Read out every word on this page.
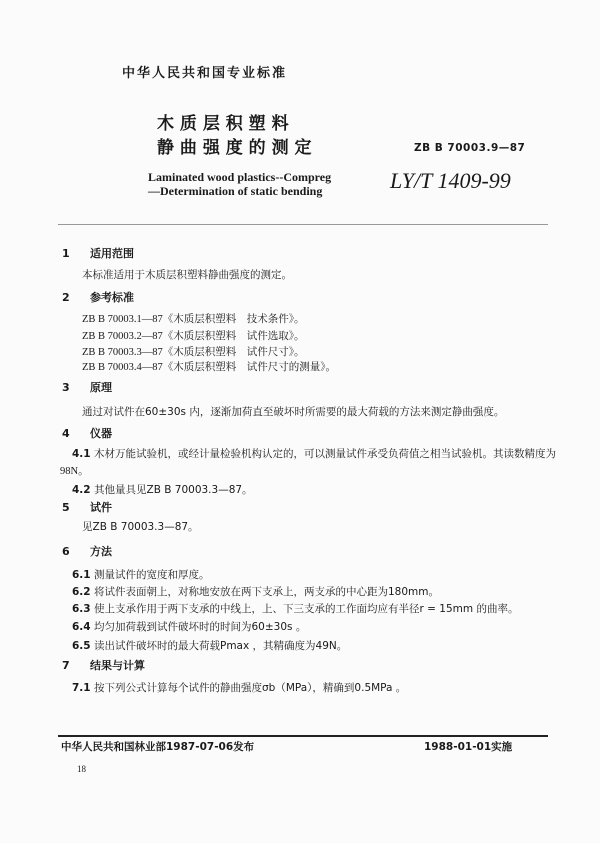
中华人民共和国专业标准
木 质 层 积 塑 料
静 曲 强 度 的 测 定	ZB B 70003.9—87
Laminated wood plastics--Compreg
—Determination of static bending	LY/T 1409-99
1 适用范围
本标准适用于木质层积塑料静曲强度的测定。
2 参考标准
ZB B 70003.1—87《木质层积塑料　技术条件》。
ZB B 70003.2—87《木质层积塑料　试件选取》。
ZB B 70003.3—87《木质层积塑料　试件尺寸》。
ZB B 70003.4—87《木质层积塑料　试件尺寸的测量》。
3 原理
通过对试件在60±30s 内，逐渐加荷直至破坏时所需要的最大荷载的方法来测定静曲强度。
4 仪器
4.1 木材万能试验机，或经计量检验机构认定的，可以测量试件承受负荷值之相当试验机。其读数精度为
98N。
4.2 其他量具见ZB B 70003.3—87。
5 试件
见ZB B 70003.3—87。
6 方法
6.1 测量试件的宽度和厚度。
6.2 将试件表面朝上，对称地安放在两下支承上，两支承的中心距为180mm。
6.3 使上支承作用于两下支承的中线上，上、下三支承的工作面均应有半径r = 15mm 的曲率。
6.4 均匀加荷载到试件破坏时的时间为60±30s 。
6.5 读出试件破坏时的最大荷载Pmax ，其精确度为49N。
7 结果与计算
7.1 按下列公式计算每个试件的静曲强度σb（MPa），精确到0.5MPa 。
中华人民共和国林业部1987-07-06发布	1988-01-01实施
18
